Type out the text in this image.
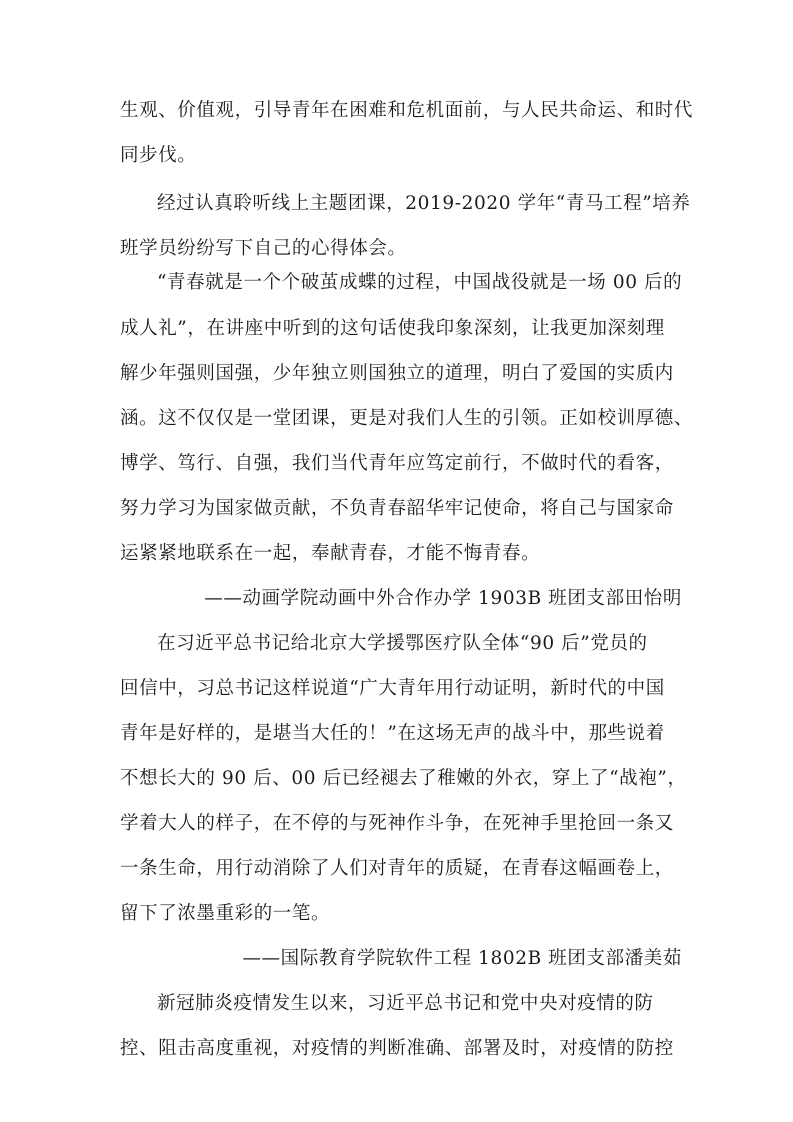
生观、价值观，引导青年在困难和危机面前，与人民共命运、和时代
同步伐。
经过认真聆听线上主题团课，2019-2020 学年“青马工程”培养
班学员纷纷写下自己的心得体会。
“青春就是一个个破茧成蝶的过程，中国战役就是一场 00 后的
成人礼”，在讲座中听到的这句话使我印象深刻，让我更加深刻理
解少年强则国强，少年独立则国独立的道理，明白了爱国的实质内
涵。这不仅仅是一堂团课，更是对我们人生的引领。正如校训厚德、
博学、笃行、自强，我们当代青年应笃定前行，不做时代的看客，
努力学习为国家做贡献，不负青春韶华牢记使命，将自己与国家命
运紧紧地联系在一起，奉献青春，才能不悔青春。
——动画学院动画中外合作办学 1903B 班团支部田怡明
在习近平总书记给北京大学援鄂医疗队全体“90 后”党员的
回信中，习总书记这样说道“广大青年用行动证明，新时代的中国
青年是好样的，是堪当大任的！”在这场无声的战斗中，那些说着
不想长大的 90 后、00 后已经褪去了稚嫩的外衣，穿上了“战袍”，
学着大人的样子，在不停的与死神作斗争，在死神手里抢回一条又
一条生命，用行动消除了人们对青年的质疑，在青春这幅画卷上，
留下了浓墨重彩的一笔。
——国际教育学院软件工程 1802B 班团支部潘美茹
新冠肺炎疫情发生以来，习近平总书记和党中央对疫情的防
控、阻击高度重视，对疫情的判断准确、部署及时，对疫情的防控
